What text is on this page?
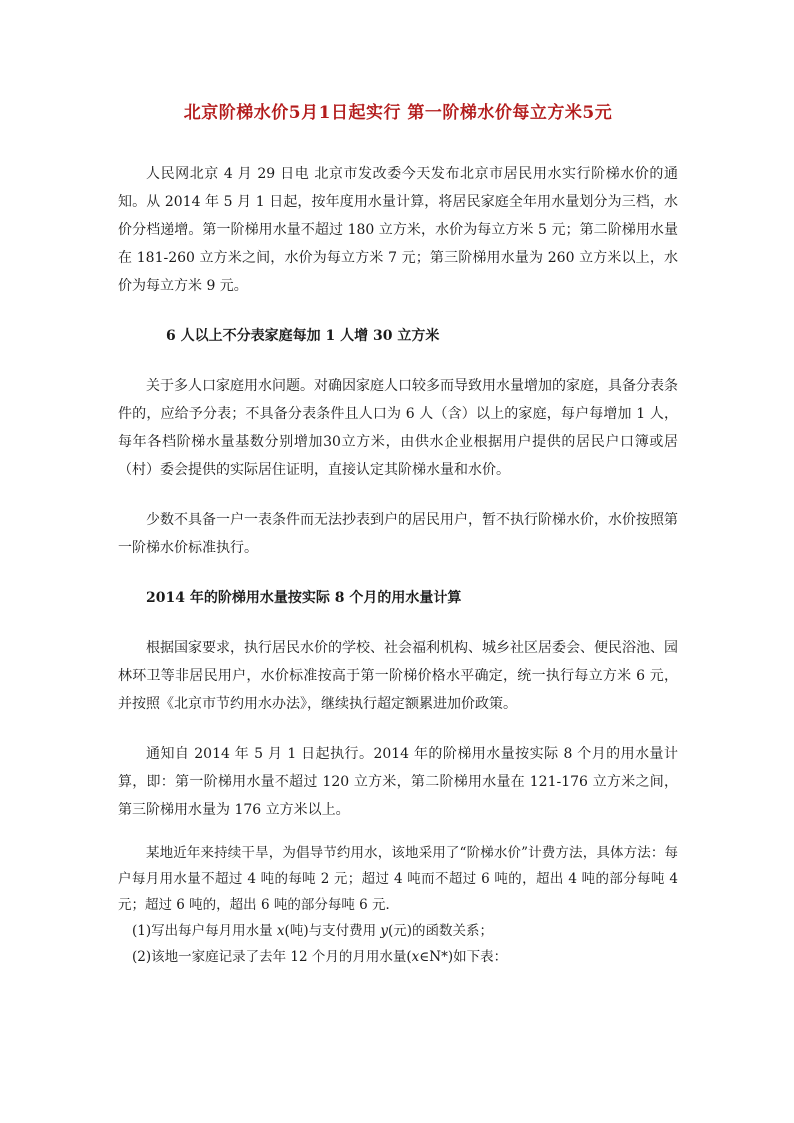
北京阶梯水价5月1日起实行 第一阶梯水价每立方米5元

人民网北京 4 月 29 日电 北京市发改委今天发布北京市居民用水实行阶梯水价的通知。从 2014 年 5 月 1 日起，按年度用水量计算，将居民家庭全年用水量划分为三档，水价分档递增。第一阶梯用水量不超过 180 立方米，水价为每立方米 5 元；第二阶梯用水量在 181-260 立方米之间，水价为每立方米 7 元；第三阶梯用水量为 260 立方米以上，水价为每立方米 9 元。

6 人以上不分表家庭每加 1 人增 30 立方米

关于多人口家庭用水问题。对确因家庭人口较多而导致用水量增加的家庭，具备分表条件的，应给予分表；不具备分表条件且人口为 6 人（含）以上的家庭，每户每增加 1 人，每年各档阶梯水量基数分别增加30立方米，由供水企业根据用户提供的居民户口簿或居（村）委会提供的实际居住证明，直接认定其阶梯水量和水价。

少数不具备一户一表条件而无法抄表到户的居民用户，暂不执行阶梯水价，水价按照第一阶梯水价标准执行。

2014 年的阶梯用水量按实际 8 个月的用水量计算

根据国家要求，执行居民水价的学校、社会福利机构、城乡社区居委会、便民浴池、园林环卫等非居民用户，水价标准按高于第一阶梯价格水平确定，统一执行每立方米 6 元，并按照《北京市节约用水办法》，继续执行超定额累进加价政策。

通知自 2014 年 5 月 1 日起执行。2014 年的阶梯用水量按实际 8 个月的用水量计算，即：第一阶梯用水量不超过 120 立方米，第二阶梯用水量在 121-176 立方米之间，第三阶梯用水量为 176 立方米以上。

某地近年来持续干旱，为倡导节约用水，该地采用了“阶梯水价”计费方法，具体方法：每户每月用水量不超过 4 吨的每吨 2 元；超过 4 吨而不超过 6 吨的，超出 4 吨的部分每吨 4 元；超过 6 吨的，超出 6 吨的部分每吨 6 元．

(1)写出每户每月用水量 x(吨)与支付费用 y(元)的函数关系；

(2)该地一家庭记录了去年 12 个月的月用水量(x∈N*)如下表：
